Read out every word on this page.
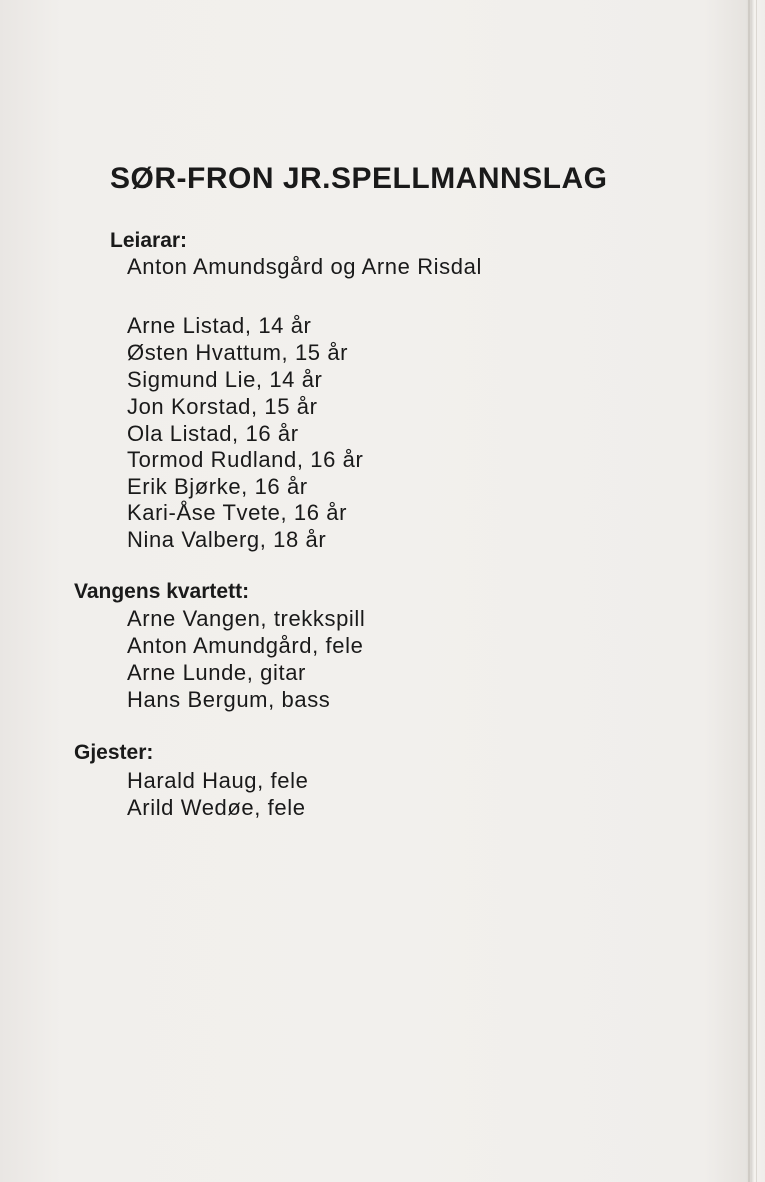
SØR-FRON JR.SPELLMANNSLAG
Leiarar:
Anton Amundsgård og Arne Risdal
Arne Listad, 14 år
Østen Hvattum, 15 år
Sigmund Lie, 14 år
Jon Korstad, 15 år
Ola Listad, 16 år
Tormod Rudland, 16 år
Erik Bjørke, 16 år
Kari-Åse Tvete, 16 år
Nina Valberg, 18 år
Vangens kvartett:
Arne Vangen, trekkspill
Anton Amundgård, fele
Arne Lunde, gitar
Hans Bergum, bass
Gjester:
Harald Haug, fele
Arild Wedøe, fele
